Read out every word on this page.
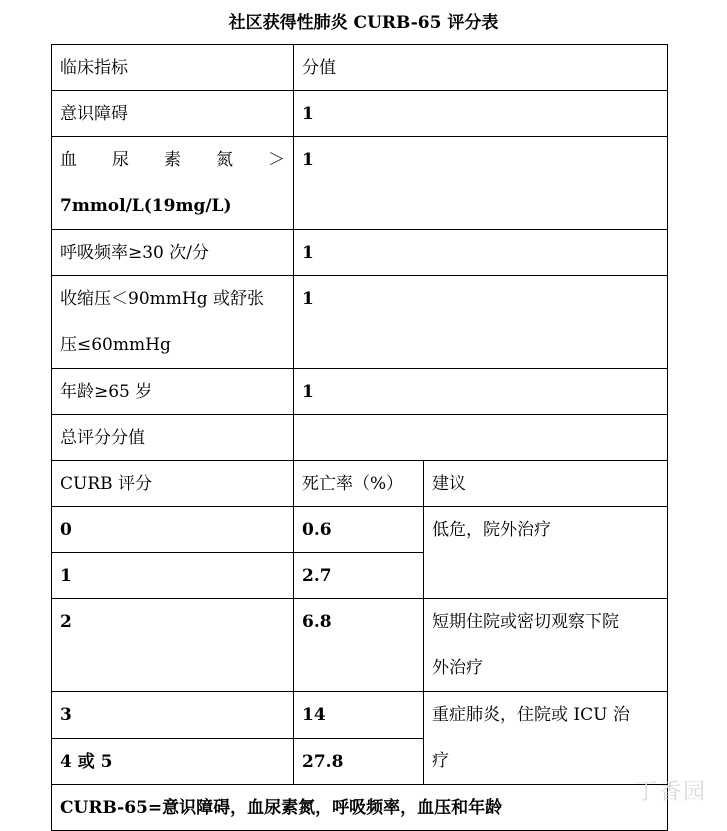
社区获得性肺炎 CURB-65 评分表
临床指标	分值	

意识障碍	1	

血 尿 素 氮 ＞
7mmol/L(19mg/L)	1	

呼吸频率≥30 次/分	1	

收缩压＜90mmHg 或舒张
压≤60mmHg	1	

年龄≥65 岁	1	

总评分分值		

CURB 评分	死亡率（%）	建议

0	0.6	低危，院外治疗

1	2.7	

2	6.8	短期住院或密切观察下院
外治疗

3	14	重症肺炎，住院或 ICU 治
疗

4 或 5	27.8	

CURB-65=意识障碍，血尿素氮，呼吸频率，血压和年龄		
丁香园
